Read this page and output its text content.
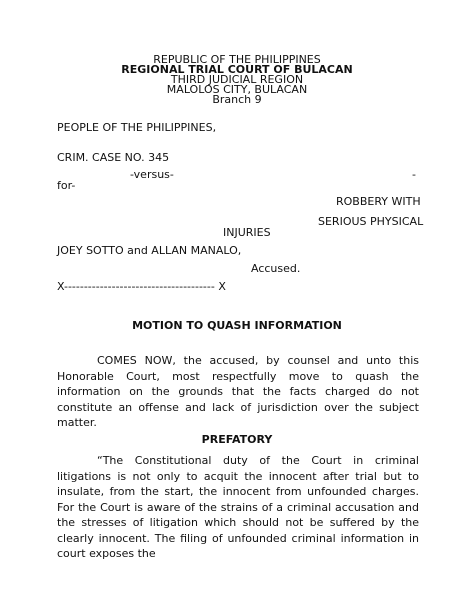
REPUBLIC OF THE PHILIPPINES
REGIONAL TRIAL COURT OF BULACAN
THIRD JUDICIAL REGION
MALOLOS CITY, BULACAN
Branch 9
PEOPLE OF THE PHILIPPINES,
CRIM. CASE NO. 345
-versus-	-
for-
ROBBERY WITH
SERIOUS PHYSICAL
INJURIES
JOEY SOTTO and ALLAN MANALO,
Accused.
X-------------------------------------- X
MOTION TO QUASH INFORMATION

COMES NOW, the accused, by counsel and unto this Honorable Court, most respectfully move to quash the information on the grounds that the facts charged do not constitute an offense and lack of jurisdiction over the subject matter.

PREFATORY

“The Constitutional duty of the Court in criminal litigations is not only to acquit the innocent after trial but to insulate, from the start, the innocent from unfounded charges. For the Court is aware of the strains of a criminal accusation and the stresses of litigation which should not be suffered by the clearly innocent. The filing of unfounded criminal information in court exposes the
